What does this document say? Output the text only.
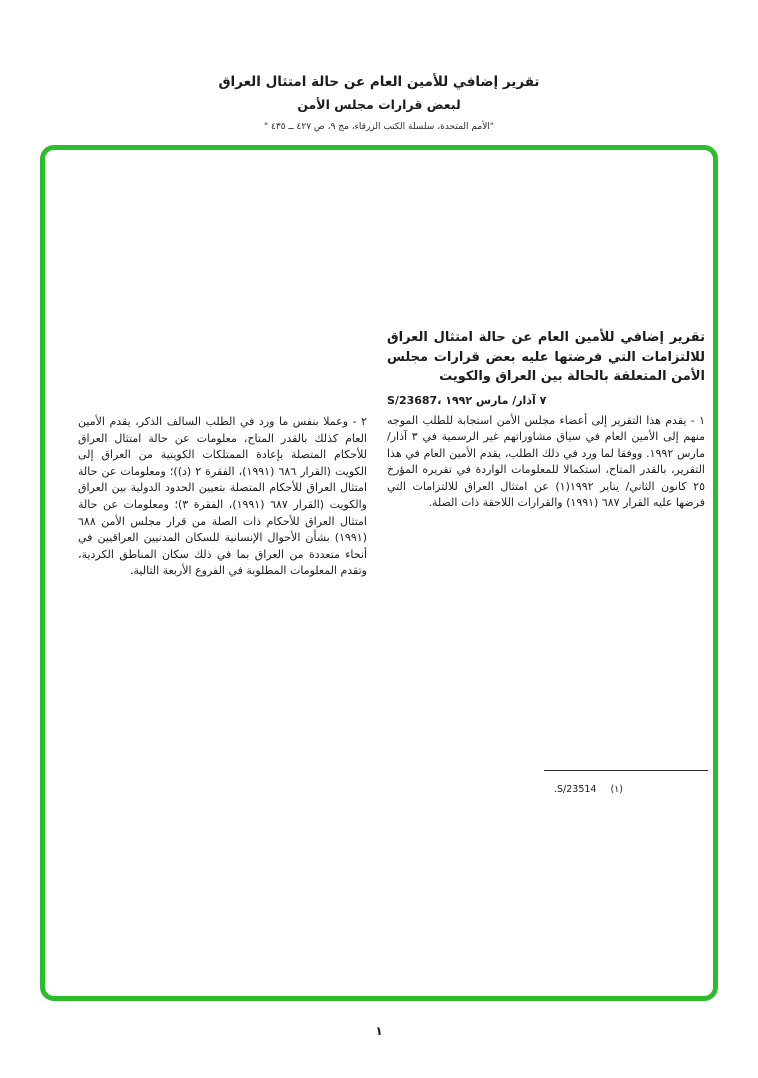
تقرير إضافي للأمين العام عن حالة امتثال العراق
لبعض قرارات مجلس الأمن
"الأمم المتحدة، سلسلة الكتب الزرقاء، مج ٩، ص ٤٢٧ ــ ٤٣٥ "
تقرير إضافي للأمين العام عن حالة امتثال العراق للالتزامات التي فرضتها عليه بعض قرارات مجلس الأمن المتعلقة بالحالة بين العراق والكويت
٧ آذار/ مارس ١٩٩٢ ،S/23687

١ - يقدم هذا التقرير إلى أعضاء مجلس الأمن استجابة للطلب الموجه منهم إلى الأمين العام في سياق مشاوراتهم غير الرسمية في ٣ آذار/ مارس ١٩٩٢. ووفقا لما ورد في ذلك الطلب، يقدم الأمين العام في هذا التقرير، بالقدر المتاح، استكمالا للمعلومات الواردة في تقريره المؤرخ ٢٥ كانون الثاني/ يناير ١٩٩٢(١) عن امتثال العراق للالتزامات التي فرضها عليه القرار ٦٨٧ (١٩٩١) والقرارات اللاحقة ذات الصلة.

٢ - وعملا بنفس ما ورد في الطلب السالف الذكر، يقدم الأمين العام كذلك بالقدر المتاح، معلومات عن حالة امتثال العراق للأحكام المتصلة بإعادة الممتلكات الكويتية من العراق إلى الكويت (القرار ٦٨٦ (١٩٩١)، الفقرة ٢ (د))؛ ومعلومات عن حالة امتثال العراق للأحكام المتصلة بتعيين الحدود الدولية بين العراق والكويت (القرار ٦٨٧ (١٩٩١)، الفقرة ٣)؛ ومعلومات عن حالة امتثال العراق للأحكام ذات الصلة من قرار مجلس الأمن ٦٨٨ (١٩٩١) بشأن الأحوال الإنسانية للسكان المدنيين العراقيين في أنحاء متعددة من العراق بما في ذلك سكان المناطق الكردية، وتقدم المعلومات المطلوبة في الفروع الأربعة التالية.

(١)
S/23514.
١
